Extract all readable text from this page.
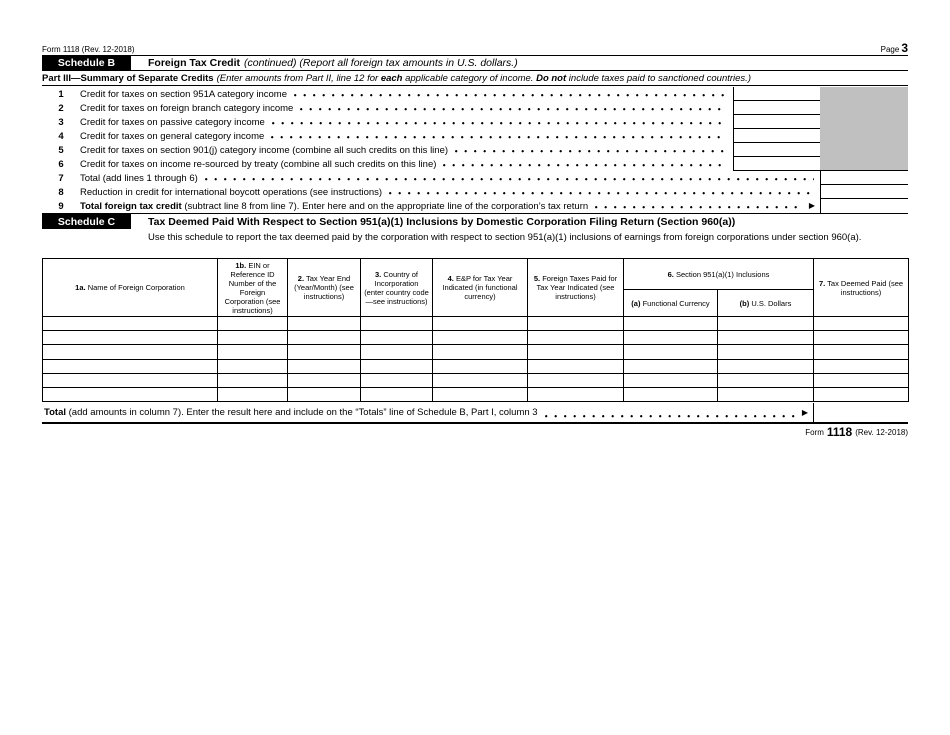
Form 1118 (Rev. 12-2018)	Page 3
Schedule B	Foreign Tax Credit (continued) (Report all foreign tax amounts in U.S. dollars.)
Part III—Summary of Separate Credits (Enter amounts from Part II, line 12 for each applicable category of income. Do not include taxes paid to sanctioned countries.)
1	Credit for taxes on section 951A category income
2	Credit for taxes on foreign branch category income
3	Credit for taxes on passive category income
4	Credit for taxes on general category income
5	Credit for taxes on section 901(j) category income (combine all such credits on this line)
6	Credit for taxes on income re-sourced by treaty (combine all such credits on this line)
7	Total (add lines 1 through 6)
8	Reduction in credit for international boycott operations (see instructions)
9	Total foreign tax credit (subtract line 8 from line 7). Enter here and on the appropriate line of the corporation’s tax return	▶
Schedule C	Tax Deemed Paid With Respect to Section 951(a)(1) Inclusions by Domestic Corporation Filing Return (Section 960(a))
Use this schedule to report the tax deemed paid by the corporation with respect to section 951(a)(1) inclusions of earnings from foreign corporations under section 960(a).
1a. Name of Foreign Corporation	1b. EIN or Reference ID Number of the Foreign Corporation (see instructions)	2. Tax Year End (Year/Month) (see instructions)	3. Country of Incorporation (enter country code—see instructions)	4. E&P for Tax Year Indicated (in functional currency)	5. Foreign Taxes Paid for Tax Year Indicated (see instructions)	6. Section 951(a)(1) Inclusions		7. Tax Deemed Paid (see instructions)
						(a) Functional Currency	(b) U.S. Dollars	

Total (add amounts in column 7). Enter the result here and include on the “Totals” line of Schedule B, Part I, column 3	▶
Form 1118 (Rev. 12-2018)
